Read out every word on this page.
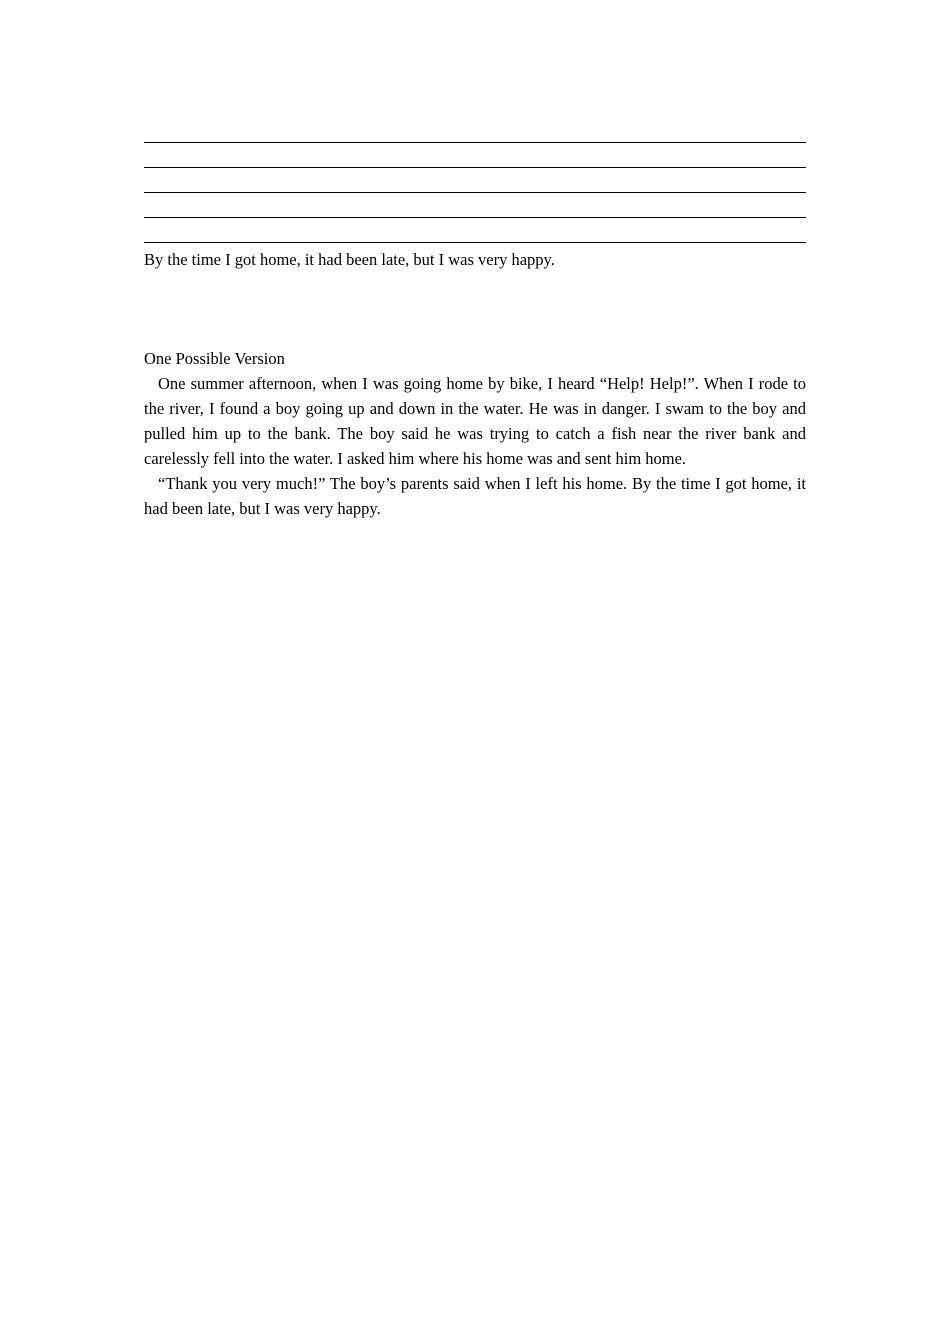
By the time I got home, it had been late, but I was very happy.

One Possible Version

One summer afternoon, when I was going home by bike, I heard “Help! Help!”. When I rode to the river, I found a boy going up and down in the water. He was in danger. I swam to the boy and pulled him up to the bank. The boy said he was trying to catch a fish near the river bank and carelessly fell into the water. I asked him where his home was and sent him home.

“Thank you very much!” The boy’s parents said when I left his home. By the time I got home, it had been late, but I was very happy.
